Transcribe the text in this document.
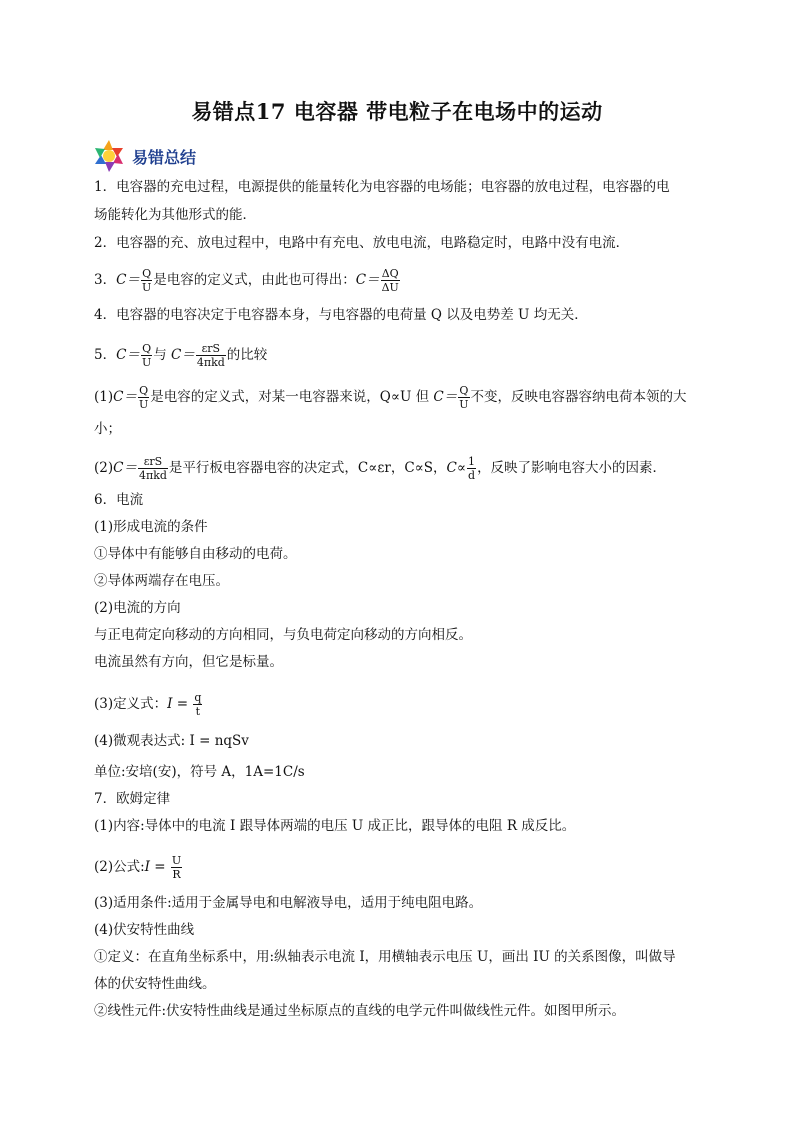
易错点17 电容器 带电粒子在电场中的运动
易错总结
1．电容器的充电过程，电源提供的能量转化为电容器的电场能；电容器的放电过程，电容器的电
场能转化为其他形式的能．
2．电容器的充、放电过程中，电路中有充电、放电电流，电路稳定时，电路中没有电流．
3．$C= \frac{Q}{U}$ 是电容的定义式，由此也可得出：$C= \frac{\Delta Q}{\Delta U}$
4．电容器的电容决定于电容器本身，与电容器的电荷量 Q 以及电势差 U 均无关．
5．$C= \frac{Q}{U}$ 与 $C= \frac{\text{εrS}}{\text{4πkd}}$ 的比较
$(1)C= \frac{Q}{U}$ 是电容的定义式，对某一电容器来说，Q∝U 但 $C= \frac{Q}{U}$ 不变，反映电容器容纳电荷本领的大
小；
$(2)C= \frac{\text{εrS}}{\text{4πkd}}$ 是平行板电容器电容的决定式，C∝εr，C∝S，$C\propto \frac{1}{d}$ ，反映了影响电容大小的因素．
6．电流
(1)形成电流的条件
①导体中有能够自由移动的电荷。
②导体两端存在电压。
(2)电流的方向
与正电荷定向移动的方向相同，与负电荷定向移动的方向相反。
电流虽然有方向，但它是标量。
(3)定义式：$I = \frac{q}{t}$
(4)微观表达式: I = nqSv
单位:安培(安)，符号 A，1A=1C/s
7．欧姆定律
(1)内容:导体中的电流 I 跟导体两端的电压 U 成正比，跟导体的电阻 R 成反比。
(2)公式:I = $\frac{U}{R}$
(3)适用条件:适用于金属导电和电解液导电，适用于纯电阻电路。
(4)伏安特性曲线
①定义：在直角坐标系中，用:纵轴表示电流 I，用横轴表示电压 U，画出 IU 的关系图像，叫做导
体的伏安特性曲线。
②线性元件:伏安特性曲线是通过坐标原点的直线的电学元件叫做线性元件。如图甲所示。
